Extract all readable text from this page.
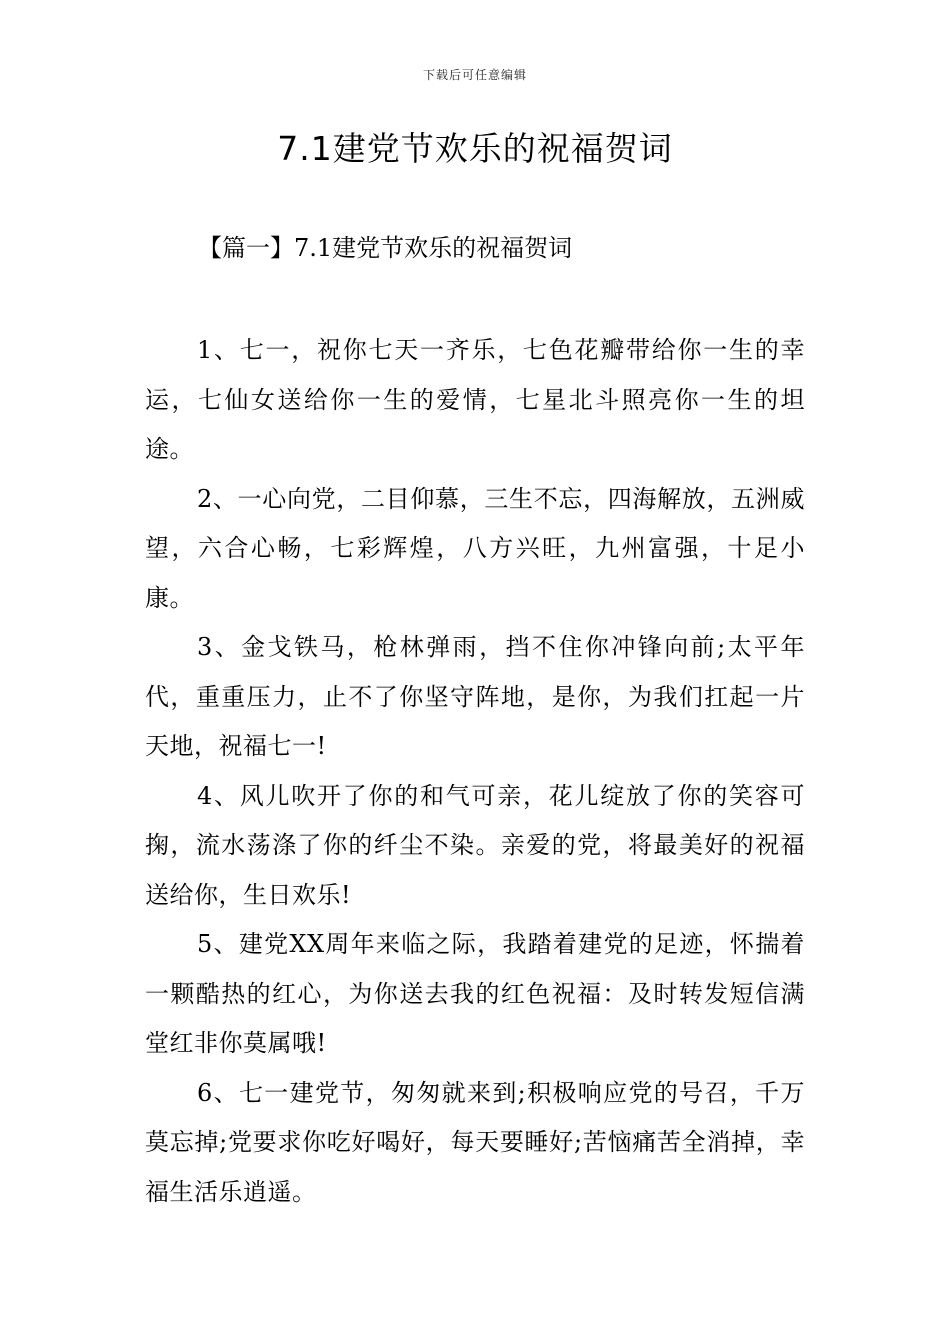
下载后可任意编辑
7.1建党节欢乐的祝福贺词
【篇一】7.1建党节欢乐的祝福贺词

1、七一，祝你七天一齐乐，七色花瓣带给你一生的幸运，七仙女送给你一生的爱情，七星北斗照亮你一生的坦途。

2、一心向党，二目仰慕，三生不忘，四海解放，五洲威望，六合心畅，七彩辉煌，八方兴旺，九州富强，十足小康。

3、金戈铁马，枪林弹雨，挡不住你冲锋向前;太平年代，重重压力，止不了你坚守阵地，是你，为我们扛起一片天地，祝福七一!

4、风儿吹开了你的和气可亲，花儿绽放了你的笑容可掬，流水荡涤了你的纤尘不染。亲爱的党，将最美好的祝福送给你，生日欢乐!

5、建党XX周年来临之际，我踏着建党的足迹，怀揣着一颗酷热的红心，为你送去我的红色祝福：及时转发短信满堂红非你莫属哦!

6、七一建党节，匆匆就来到;积极响应党的号召，千万莫忘掉;党要求你吃好喝好，每天要睡好;苦恼痛苦全消掉，幸福生活乐逍遥。
